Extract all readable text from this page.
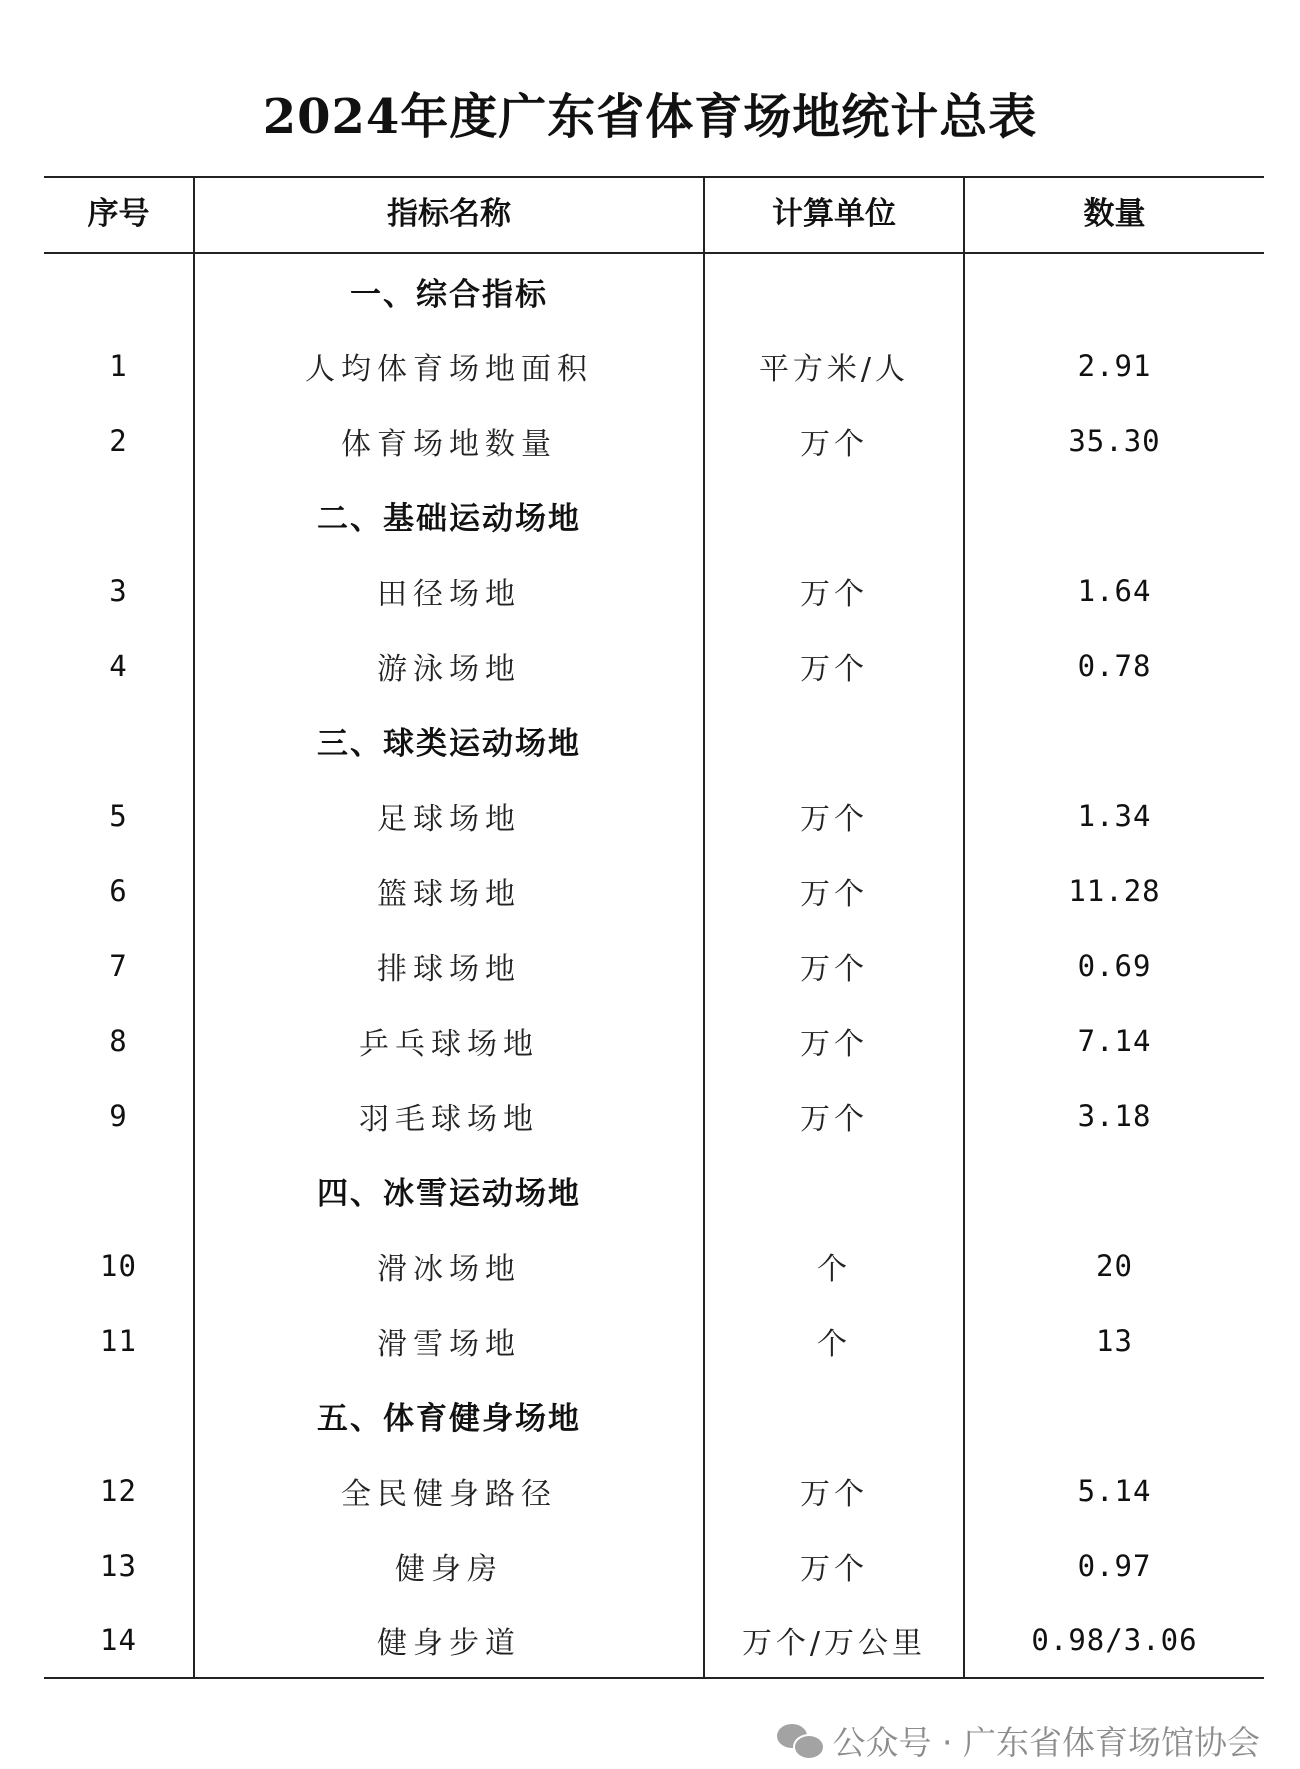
2024年度广东省体育场地统计总表
序号	指标名称	计算单位	数量
	一、综合指标		
1	人均体育场地面积	平方米/人	2.91
2	体育场地数量	万个	35.30
	二、基础运动场地		
3	田径场地	万个	1.64
4	游泳场地	万个	0.78
	三、球类运动场地		
5	足球场地	万个	1.34
6	篮球场地	万个	11.28
7	排球场地	万个	0.69
8	乒乓球场地	万个	7.14
9	羽毛球场地	万个	3.18
	四、冰雪运动场地		
10	滑冰场地	个	20
11	滑雪场地	个	13
	五、体育健身场地		
12	全民健身路径	万个	5.14
13	健身房	万个	0.97
14	健身步道	万个/万公里	0.98/3.06
公众号 · 广东省体育场馆协会
